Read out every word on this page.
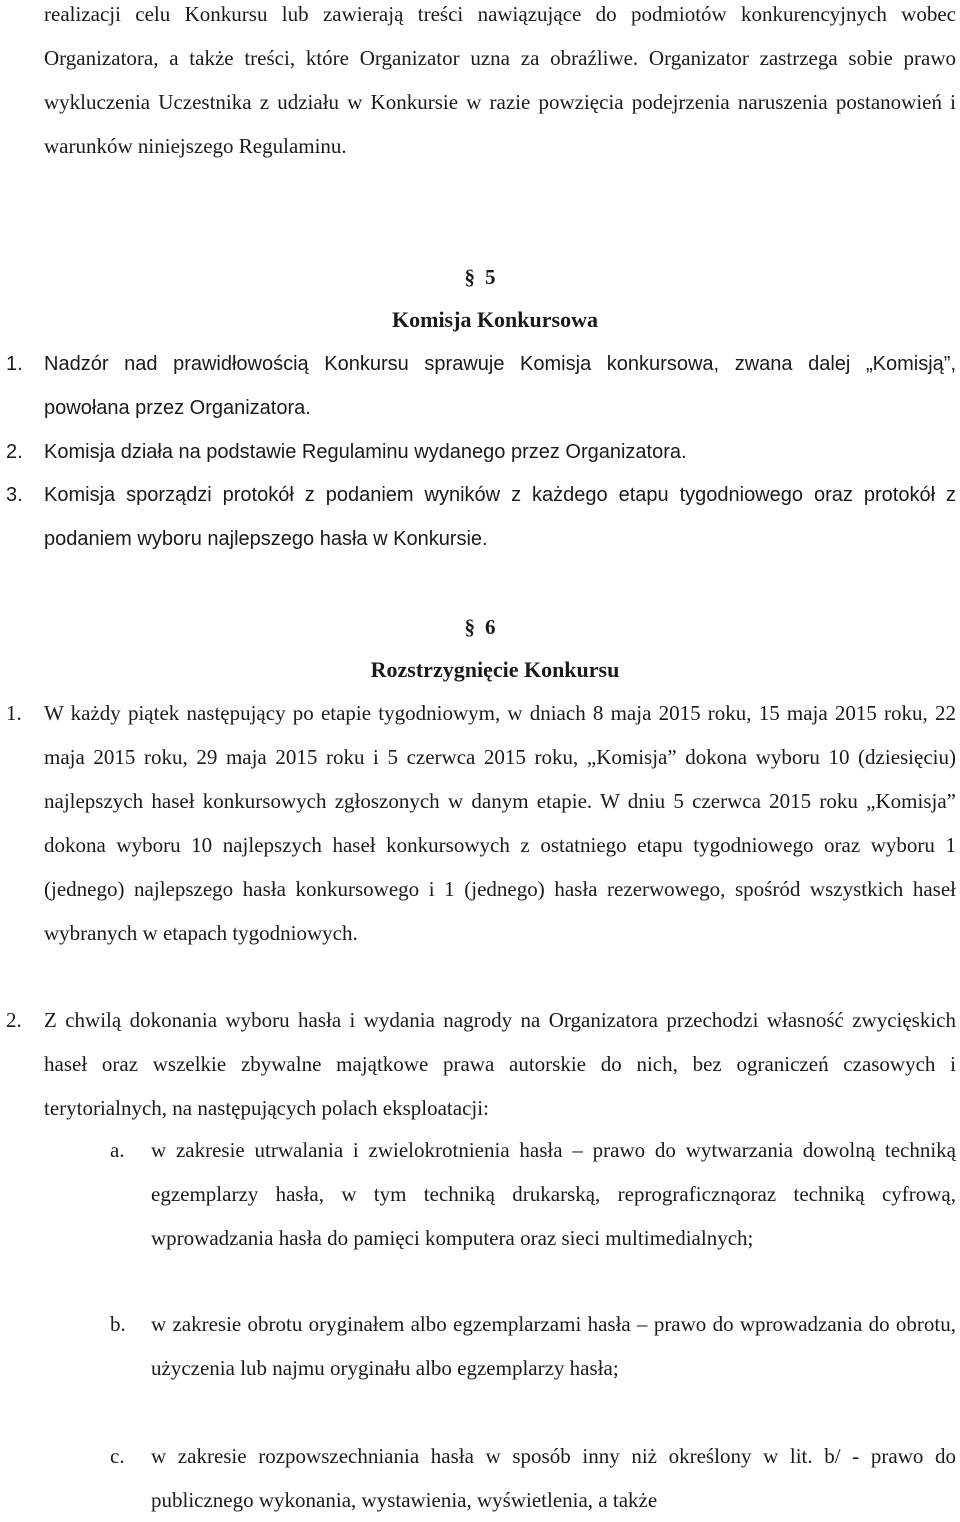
realizacji celu Konkursu lub zawierają treści nawiązujące do podmiotów konkurencyjnych wobec Organizatora, a także treści, które Organizator uzna za obraźliwe. Organizator zastrzega sobie prawo wykluczenia Uczestnika z udziału w Konkursie w razie powzięcia podejrzenia naruszenia postanowień i warunków niniejszego Regulaminu.

§ 5
Komisja Konkursowa
1. Nadzór nad prawidłowością Konkursu sprawuje Komisja konkursowa, zwana dalej „Komisją”, powołana przez Organizatora.
2. Komisja działa na podstawie Regulaminu wydanego przez Organizatora.
3. Komisja sporządzi protokół z podaniem wyników z każdego etapu tygodniowego oraz protokół z podaniem wyboru najlepszego hasła w Konkursie.
§ 6
Rozstrzygnięcie Konkursu
1. W każdy piątek następujący po etapie tygodniowym, w dniach 8 maja 2015 roku, 15 maja 2015 roku, 22 maja 2015 roku, 29 maja 2015 roku i 5 czerwca 2015 roku, „Komisja” dokona wyboru 10 (dziesięciu) najlepszych haseł konkursowych zgłoszonych w danym etapie. W dniu 5 czerwca 2015 roku „Komisja” dokona wyboru 10 najlepszych haseł konkursowych z ostatniego etapu tygodniowego oraz wyboru 1 (jednego) najlepszego hasła konkursowego i 1 (jednego) hasła rezerwowego, spośród wszystkich haseł wybranych w etapach tygodniowych.
2. Z chwilą dokonania wyboru hasła i wydania nagrody na Organizatora przechodzi własność zwycięskich haseł oraz wszelkie zbywalne majątkowe prawa autorskie do nich, bez ograniczeń czasowych i terytorialnych, na następujących polach eksploatacji:
a. w zakresie utrwalania i zwielokrotnienia hasła – prawo do wytwarzania dowolną techniką egzemplarzy hasła, w tym techniką drukarską, reprograficznąoraz techniką cyfrową, wprowadzania hasła do pamięci komputera oraz sieci multimedialnych;
b. w zakresie obrotu oryginałem albo egzemplarzami hasła – prawo do wprowadzania do obrotu, użyczenia lub najmu oryginału albo egzemplarzy hasła;
c. w zakresie rozpowszechniania hasła w sposób inny niż określony w lit. b/ - prawo do publicznego wykonania, wystawienia, wyświetlenia, a także
